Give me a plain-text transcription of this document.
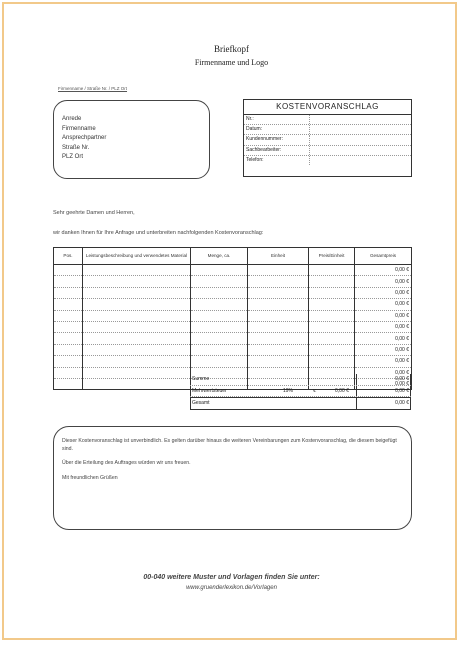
Briefkopf
Firmenname und Logo
Firmenname / Straße Nr. / PLZ Ort
Anrede
Firmenname
Ansprechpartner
Straße Nr.
PLZ Ort
KOSTENVORANSCHLAG
Nr.:
Datum:
Kundennummer:
Sachbearbeiter:
Telefon:
Sehr geehrte Damen und Herren,
wir danken Ihnen für Ihre Anfrage und unterbreiten nachfolgenden Kostenvoranschlag:
Pos.	Leistungsbeschreibung und verwendetes Material	Menge, ca.	Einheit	Preis/Einheit	Gesamtpreis
					0,00 €
					0,00 €
					0,00 €
					0,00 €
					0,00 €
					0,00 €
					0,00 €
					0,00 €
					0,00 €
					0,00 €
					0,00 €
Summe	0,00 €
Mehrwertsteuer	19%	v.	0,00 €	0,00 €
Gesamt	0,00 €
Dieser Kostenvoranschlag ist unverbindlich. Es gelten darüber hinaus die weiteren Vereinbarungen zum Kostenvoranschlag, die diesem beigefügt sind.
Über die Erteilung des Auftrages würden wir uns freuen.
Mit freundlichen Grüßen
00-040 weitere Muster und Vorlagen finden Sie unter:
www.gruenderlexikon.de/Vorlagen
